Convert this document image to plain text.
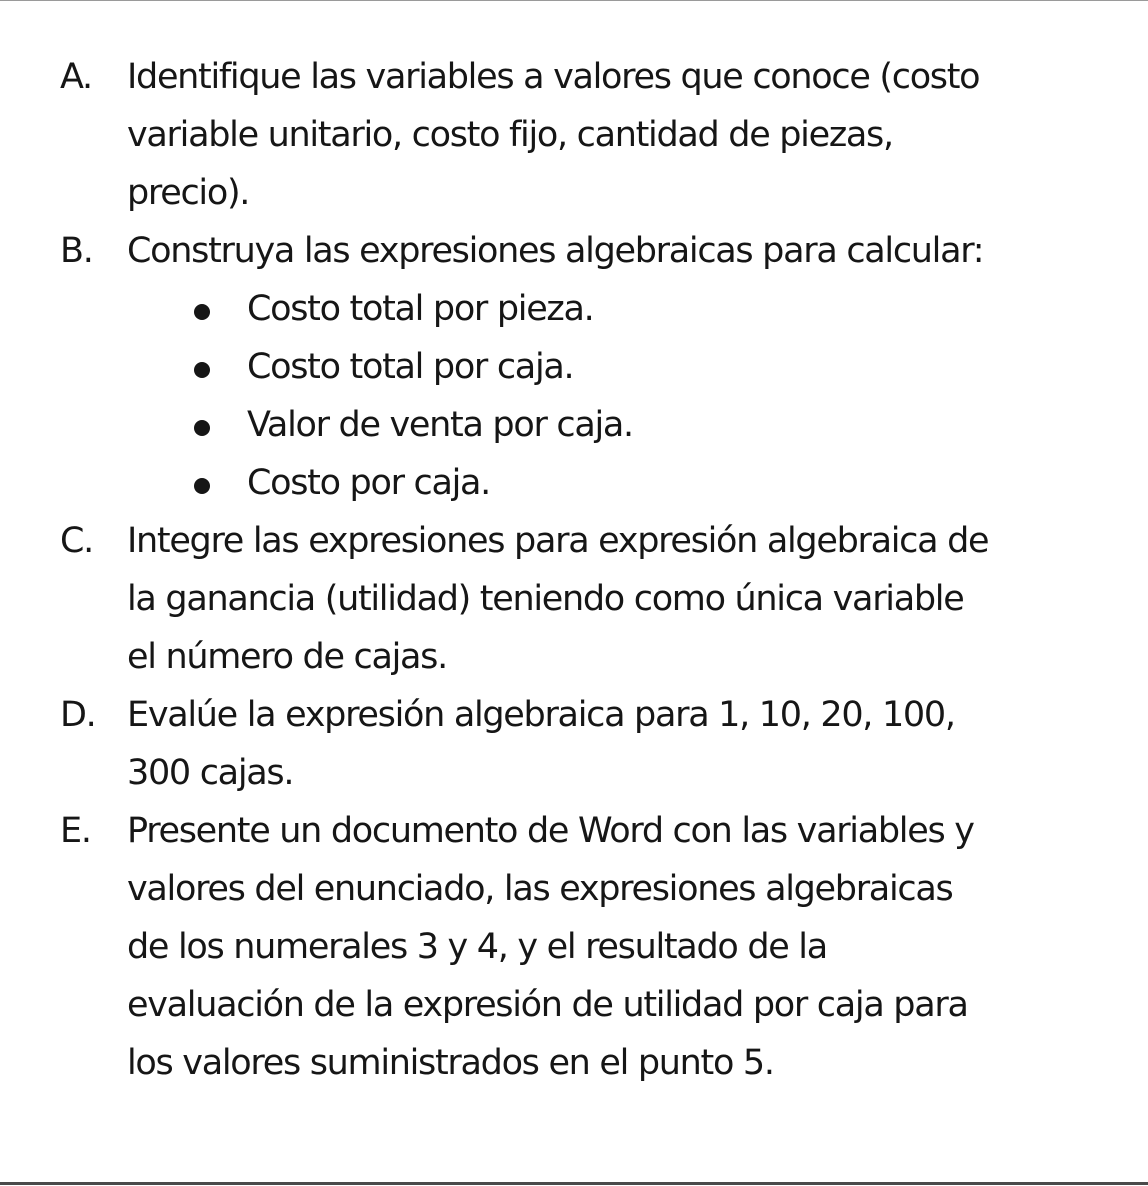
A.	Identifique las variables a valores que conoce (costo
variable unitario, costo fijo, cantidad de piezas,
precio).
B. Construya las expresiones algebraicas para calcular:
Costo total por pieza.
Costo total por caja.
Valor de venta por caja.
Costo por caja.
C. Integre las expresiones para expresión algebraica de
la ganancia (utilidad) teniendo como única variable
el número de cajas.
D. Evalúe la expresión algebraica para 1, 10, 20, 100,
300 cajas.
E.	Presente un documento de Word con las variables y
valores del enunciado, las expresiones algebraicas
de los numerales 3 y 4, y el resultado de la
evaluación de la expresión de utilidad por caja para
los valores suministrados en el punto 5.
